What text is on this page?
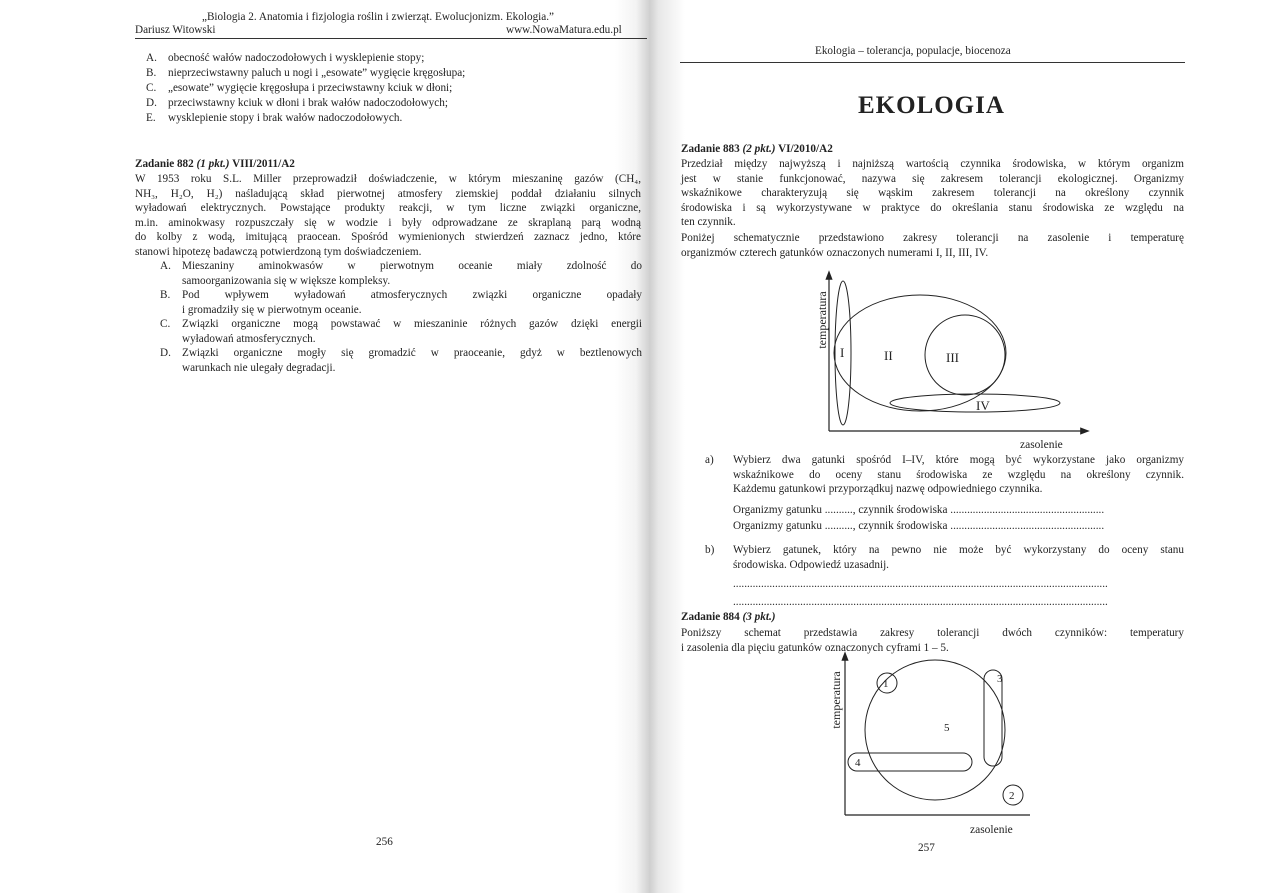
„Biologia 2. Anatomia i fizjologia roślin i zwierząt. Ewolucjonizm. Ekologia.”
Dariusz Witowski	www.NowaMatura.edu.pl
A. obecność wałów nadoczodołowych i wysklepienie stopy;
B. nieprzeciwstawny paluch u nogi i „esowate” wygięcie kręgosłupa;
C. „esowate” wygięcie kręgosłupa i przeciwstawny kciuk w dłoni;
D. przeciwstawny kciuk w dłoni i brak wałów nadoczodołowych;
E. wysklepienie stopy i brak wałów nadoczodołowych.
Zadanie 882 (1 pkt.) VIII/2011/A2
W 1953 roku S.L. Miller przeprowadził doświadczenie, w którym mieszaninę gazów (CH₄,
NH₃, H₂O, H₂) naśladującą skład pierwotnej atmosfery ziemskiej poddał działaniu silnych
wyładowań elektrycznych. Powstające produkty reakcji, w tym liczne związki organiczne,
m.in. aminokwasy rozpuszczały się w wodzie i były odprowadzane ze skraplaną parą wodną
do kolby z wodą, imitującą praocean. Spośród wymienionych stwierdzeń zaznacz jedno, które
stanowi hipotezę badawczą potwierdzoną tym doświadczeniem.
A. Mieszaniny aminokwasów w pierwotnym oceanie miały zdolność do
samoorganizowania się w większe kompleksy.
B. Pod wpływem wyładowań atmosferycznych związki organiczne opadały
i gromadziły się w pierwotnym oceanie.
C. Związki organiczne mogą powstawać w mieszaninie różnych gazów dzięki energii
wyładowań atmosferycznych.
D. Związki organiczne mogły się gromadzić w praoceanie, gdyż w beztlenowych
warunkach nie ulegały degradacji.
256
Ekologia – tolerancja, populacje, biocenoza
EKOLOGIA
Zadanie 883 (2 pkt.) VI/2010/A2
Przedział między najwyższą i najniższą wartością czynnika środowiska, w którym organizm
jest w stanie funkcjonować, nazywa się zakresem tolerancji ekologicznej. Organizmy
wskaźnikowe charakteryzują się wąskim zakresem tolerancji na określony czynnik
środowiska i są wykorzystywane w praktyce do określania stanu środowiska ze względu na
ten czynnik.
Poniżej schematycznie przedstawiono zakresy tolerancji na zasolenie i temperaturę
organizmów czterech gatunków oznaczonych numerami I, II, III, IV.
temperatura
I	II	III
IV
zasolenie
a) Wybierz dwa gatunki spośród I–IV, które mogą być wykorzystane jako organizmy
wskaźnikowe do oceny stanu środowiska ze względu na określony czynnik.
Każdemu gatunkowi przyporządkuj nazwę odpowiedniego czynnika.
Organizmy gatunku .........., czynnik środowiska .......................................................
Organizmy gatunku .........., czynnik środowiska .......................................................
b) Wybierz gatunek, który na pewno nie może być wykorzystany do oceny stanu
środowiska. Odpowiedź uzasadnij.
......................................................................................................................................
......................................................................................................................................
Zadanie 884 (3 pkt.)
Poniższy schemat przedstawia zakresy tolerancji dwóch czynników: temperatury
i zasolenia dla pięciu gatunków oznaczonych cyframi 1 – 5.
temperatura	1
2
3
4
5
zasolenie
257
